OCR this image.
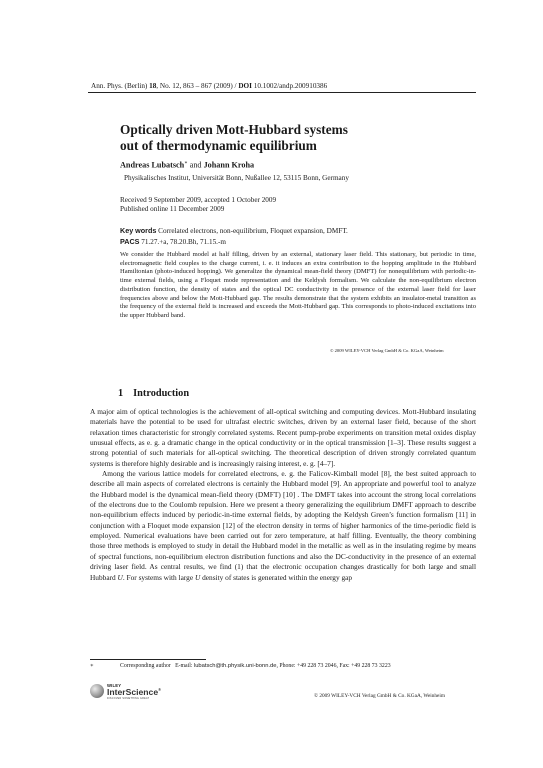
Ann. Phys. (Berlin) 18, No. 12, 863 – 867 (2009) / DOI 10.1002/andp.200910386
Optically driven Mott-Hubbard systems
out of thermodynamic equilibrium
Andreas Lubatsch∗ and Johann Kroha
Physikalisches Institut, Universität Bonn, Nußallee 12, 53115 Bonn, Germany
Received 9 September 2009, accepted 1 October 2009
Published online 11 December 2009
Key words Correlated electrons, non-equilibrium, Floquet expansion, DMFT.
PACS 71.27.+a, 78.20.Bh, 71.15.-m
We consider the Hubbard model at half filling, driven by an external, stationary laser field. This stationary, but periodic in time, electromagnetic field couples to the charge current, i. e. it induces an extra contribution to the hopping amplitude in the Hubbard Hamiltonian (photo-induced hopping). We generalize the dynamical mean-field theory (DMFT) for nonequilibrium with periodic-in-time external fields, using a Floquet mode representation and the Keldysh formalism. We calculate the non-equilibrium electron distribution function, the density of states and the optical DC conductivity in the presence of the external laser field for laser frequencies above and below the Mott-Hubbard gap. The results demonstrate that the system exhibits an insulator-metal transition as the frequency of the external field is increased and exceeds the Mott-Hubbard gap. This corresponds to photo-induced excitations into the upper Hubbard band.
© 2009 WILEY-VCH Verlag GmbH & Co. KGaA, Weinheim
1 Introduction

A major aim of optical technologies is the achievement of all-optical switching and computing devices. Mott-Hubbard insulating materials have the potential to be used for ultrafast electric switches, driven by an external laser field, because of the short relaxation times characteristic for strongly correlated systems. Recent pump-probe experiments on transition metal oxides display unusual effects, as e. g. a dramatic change in the optical conductivity or in the optical transmission [1–3]. These results suggest a strong potential of such materials for all-optical switching. The theoretical description of driven strongly correlated quantum systems is therefore highly desirable and is increasingly raising interest, e. g. [4–7].

Among the various lattice models for correlated electrons, e. g. the Falicov-Kimball model [8], the best suited approach to describe all main aspects of correlated electrons is certainly the Hubbard model [9]. An appropriate and powerful tool to analyze the Hubbard model is the dynamical mean-field theory (DMFT) [10] . The DMFT takes into account the strong local correlations of the electrons due to the Coulomb repulsion. Here we present a theory generalizing the equilibrium DMFT approach to describe non-equilibrium effects induced by periodic-in-time external fields, by adopting the Keldysh Green’s function formalism [11] in conjunction with a Floquet mode expansion [12] of the electron density in terms of higher harmonics of the time-periodic field is employed. Numerical evaluations have been carried out for zero temperature, at half filling. Eventually, the theory combining those three methods is employed to study in detail the Hubbard model in the metallic as well as in the insulating regime by means of spectral functions, non-equilibrium electron distribution functions and also the DC-conductivity in the presence of an external driving laser field. As central results, we find (1) that the electronic occupation changes drastically for both large and small Hubbard U. For systems with large U density of states is generated within the energy gap

∗	Corresponding author E-mail: lubatsch@th.physik.uni-bonn.de, Phone: +49 228 73 2046, Fax: +49 228 73 3223
WILEY
InterScience®
DISCOVER SOMETHING GREAT	© 2009 WILEY-VCH Verlag GmbH & Co. KGaA, Weinheim
